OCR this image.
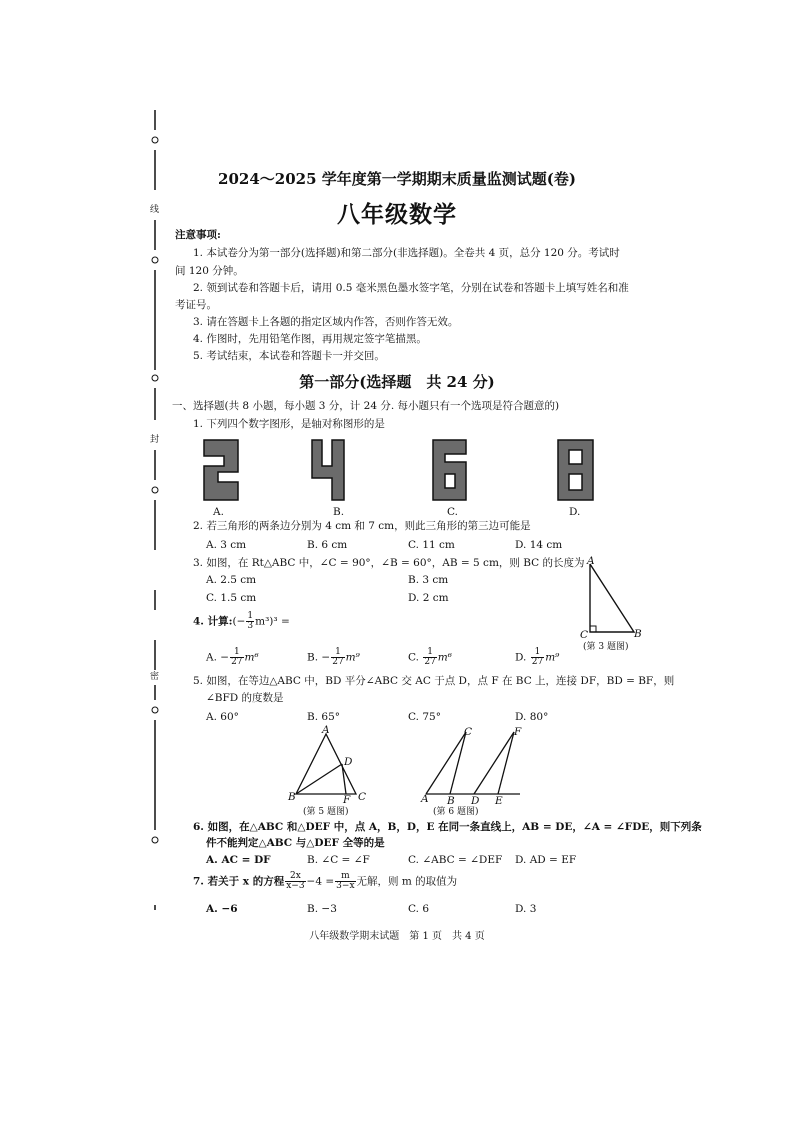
线
封
密
2024～2025 学年度第一学期期末质量监测试题(卷)
八年级数学
注意事项:
1. 本试卷分为第一部分(选择题)和第二部分(非选择题)。全卷共 4 页，总分 120 分。考试时
间 120 分钟。
2. 领到试卷和答题卡后，请用 0.5 毫米黑色墨水签字笔，分别在试卷和答题卡上填写姓名和准
考证号。
3. 请在答题卡上各题的指定区域内作答，否则作答无效。
4. 作图时，先用铅笔作图，再用规定签字笔描黑。
5. 考试结束，本试卷和答题卡一并交回。
第一部分(选择题　共 24 分)
一、选择题(共 8 小题，每小题 3 分，计 24 分. 每小题只有一个选项是符合题意的)
1. 下列四个数字图形，是轴对称图形的是
A.	B.	C.	D.
2. 若三角形的两条边分别为 4 cm 和 7 cm，则此三角形的第三边可能是
A. 3 cm	B. 6 cm	C. 11 cm	D. 14 cm
3. 如图，在 Rt△ABC 中，∠C = 90°，∠B = 60°，AB = 5 cm，则 BC 的长度为
A. 2.5 cm	B. 3 cm
C. 1.5 cm	D. 2 cm
A
C	B
(第 3 题图)
4. 计算:(− $\frac{1}{3} m^3)^3$ =
A. − $\frac{1}{27} m^6$	B. − $\frac{1}{27} m^9$	C. $\frac{1}{27} m^6$	D. $\frac{1}{27} m^9$
5. 如图，在等边△ABC 中，BD 平分∠ABC 交 AC 于点 D，点 F 在 BC 上，连接 DF，BD = BF，则
∠BFD 的度数是
A. 60°	B. 65°	C. 75°	D. 80°
A
D
B	F C
(第 5 题图)
C	F
A B D E
(第 6 题图)
6. 如图，在△ABC 和△DEF 中，点 A，B，D，E 在同一条直线上，AB = DE，∠A = ∠FDE，则下列条
件不能判定△ABC 与△DEF 全等的是
A. AC = DF	B. ∠C = ∠F	C. ∠ABC = ∠DEF D. AD = EF
7. 若关于 x 的方程 $\frac{2x}{x-3} -4 = \frac{m}{3-x}$ 无解，则 m 的取值为
A. −6	B. −3	C. 6	D. 3
八年级数学期末试题　第 1 页　共 4 页
